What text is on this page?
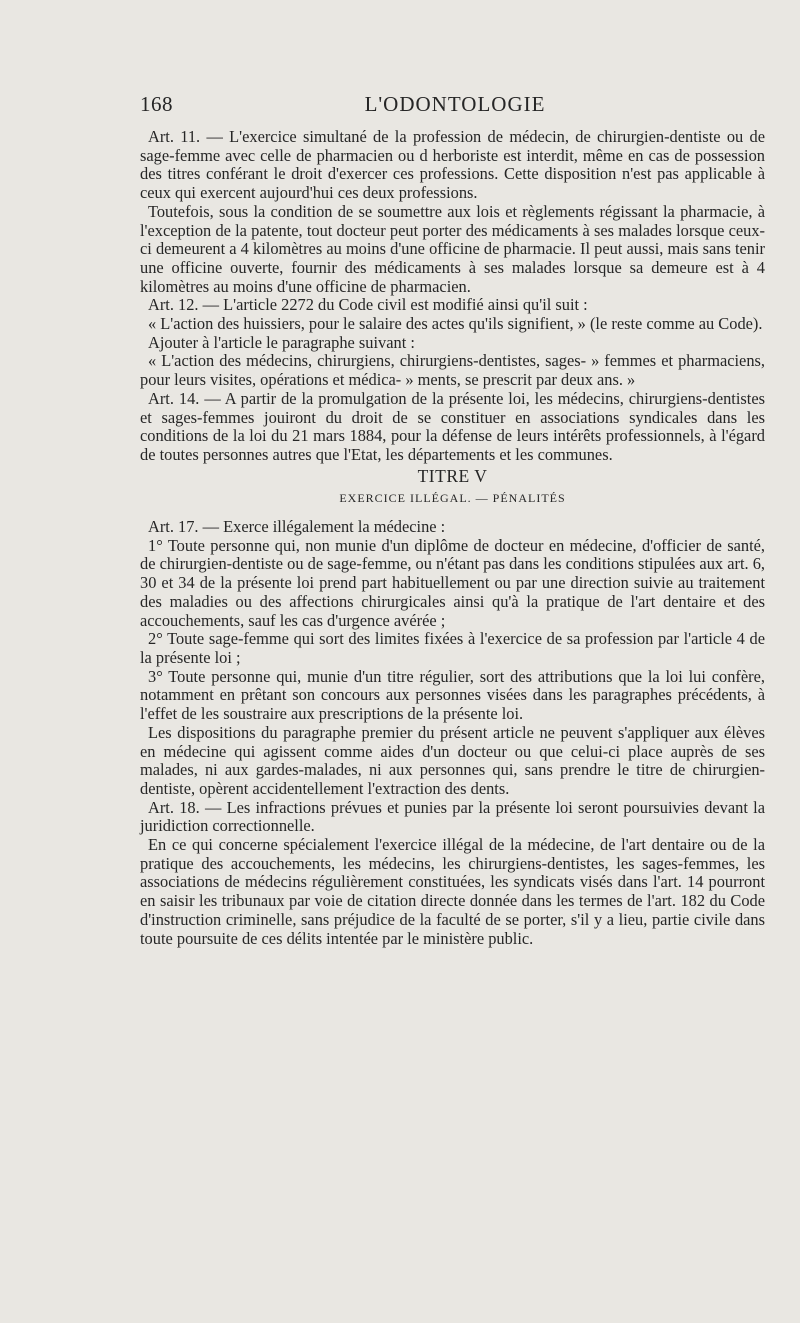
168	L'ODONTOLOGIE

Art. 11. — L'exercice simultané de la profession de médecin, de chirurgien-dentiste ou de sage-femme avec celle de pharmacien ou d herboriste est interdit, même en cas de possession des titres conférant le droit d'exercer ces professions. Cette disposition n'est pas applicable à ceux qui exercent aujourd'hui ces deux professions.

Toutefois, sous la condition de se soumettre aux lois et règlements régissant la pharmacie, à l'exception de la patente, tout docteur peut porter des médicaments à ses malades lorsque ceux-ci demeurent a 4 kilomètres au moins d'une officine de pharmacie. Il peut aussi, mais sans tenir une officine ouverte, fournir des médicaments à ses malades lorsque sa demeure est à 4 kilomètres au moins d'une officine de pharmacien.

Art. 12. — L'article 2272 du Code civil est modifié ainsi qu'il suit :

« L'action des huissiers, pour le salaire des actes qu'ils signifient, » (le reste comme au Code).

Ajouter à l'article le paragraphe suivant :

« L'action des médecins, chirurgiens, chirurgiens-dentistes, sages- » femmes et pharmaciens, pour leurs visites, opérations et médica- » ments, se prescrit par deux ans. »

Art. 14. — A partir de la promulgation de la présente loi, les médecins, chirurgiens-dentistes et sages-femmes jouiront du droit de se constituer en associations syndicales dans les conditions de la loi du 21 mars 1884, pour la défense de leurs intérêts professionnels, à l'égard de toutes personnes autres que l'Etat, les départements et les communes.

TITRE V
EXERCICE ILLÉGAL. — PÉNALITÉS

Art. 17. — Exerce illégalement la médecine :

1° Toute personne qui, non munie d'un diplôme de docteur en médecine, d'officier de santé, de chirurgien-dentiste ou de sage-femme, ou n'étant pas dans les conditions stipulées aux art. 6, 30 et 34 de la présente loi prend part habituellement ou par une direction suivie au traitement des maladies ou des affections chirurgicales ainsi qu'à la pratique de l'art dentaire et des accouchements, sauf les cas d'urgence avérée ;

2° Toute sage-femme qui sort des limites fixées à l'exercice de sa profession par l'article 4 de la présente loi ;

3° Toute personne qui, munie d'un titre régulier, sort des attributions que la loi lui confère, notamment en prêtant son concours aux personnes visées dans les paragraphes précédents, à l'effet de les soustraire aux prescriptions de la présente loi.

Les dispositions du paragraphe premier du présent article ne peuvent s'appliquer aux élèves en médecine qui agissent comme aides d'un docteur ou que celui-ci place auprès de ses malades, ni aux gardes-malades, ni aux personnes qui, sans prendre le titre de chirurgien-dentiste, opèrent accidentellement l'extraction des dents.

Art. 18. — Les infractions prévues et punies par la présente loi seront poursuivies devant la juridiction correctionnelle.

En ce qui concerne spécialement l'exercice illégal de la médecine, de l'art dentaire ou de la pratique des accouchements, les médecins, les chirurgiens-dentistes, les sages-femmes, les associations de médecins régulièrement constituées, les syndicats visés dans l'art. 14 pourront en saisir les tribunaux par voie de citation directe donnée dans les termes de l'art. 182 du Code d'instruction criminelle, sans préjudice de la faculté de se porter, s'il y a lieu, partie civile dans toute poursuite de ces délits intentée par le ministère public.
